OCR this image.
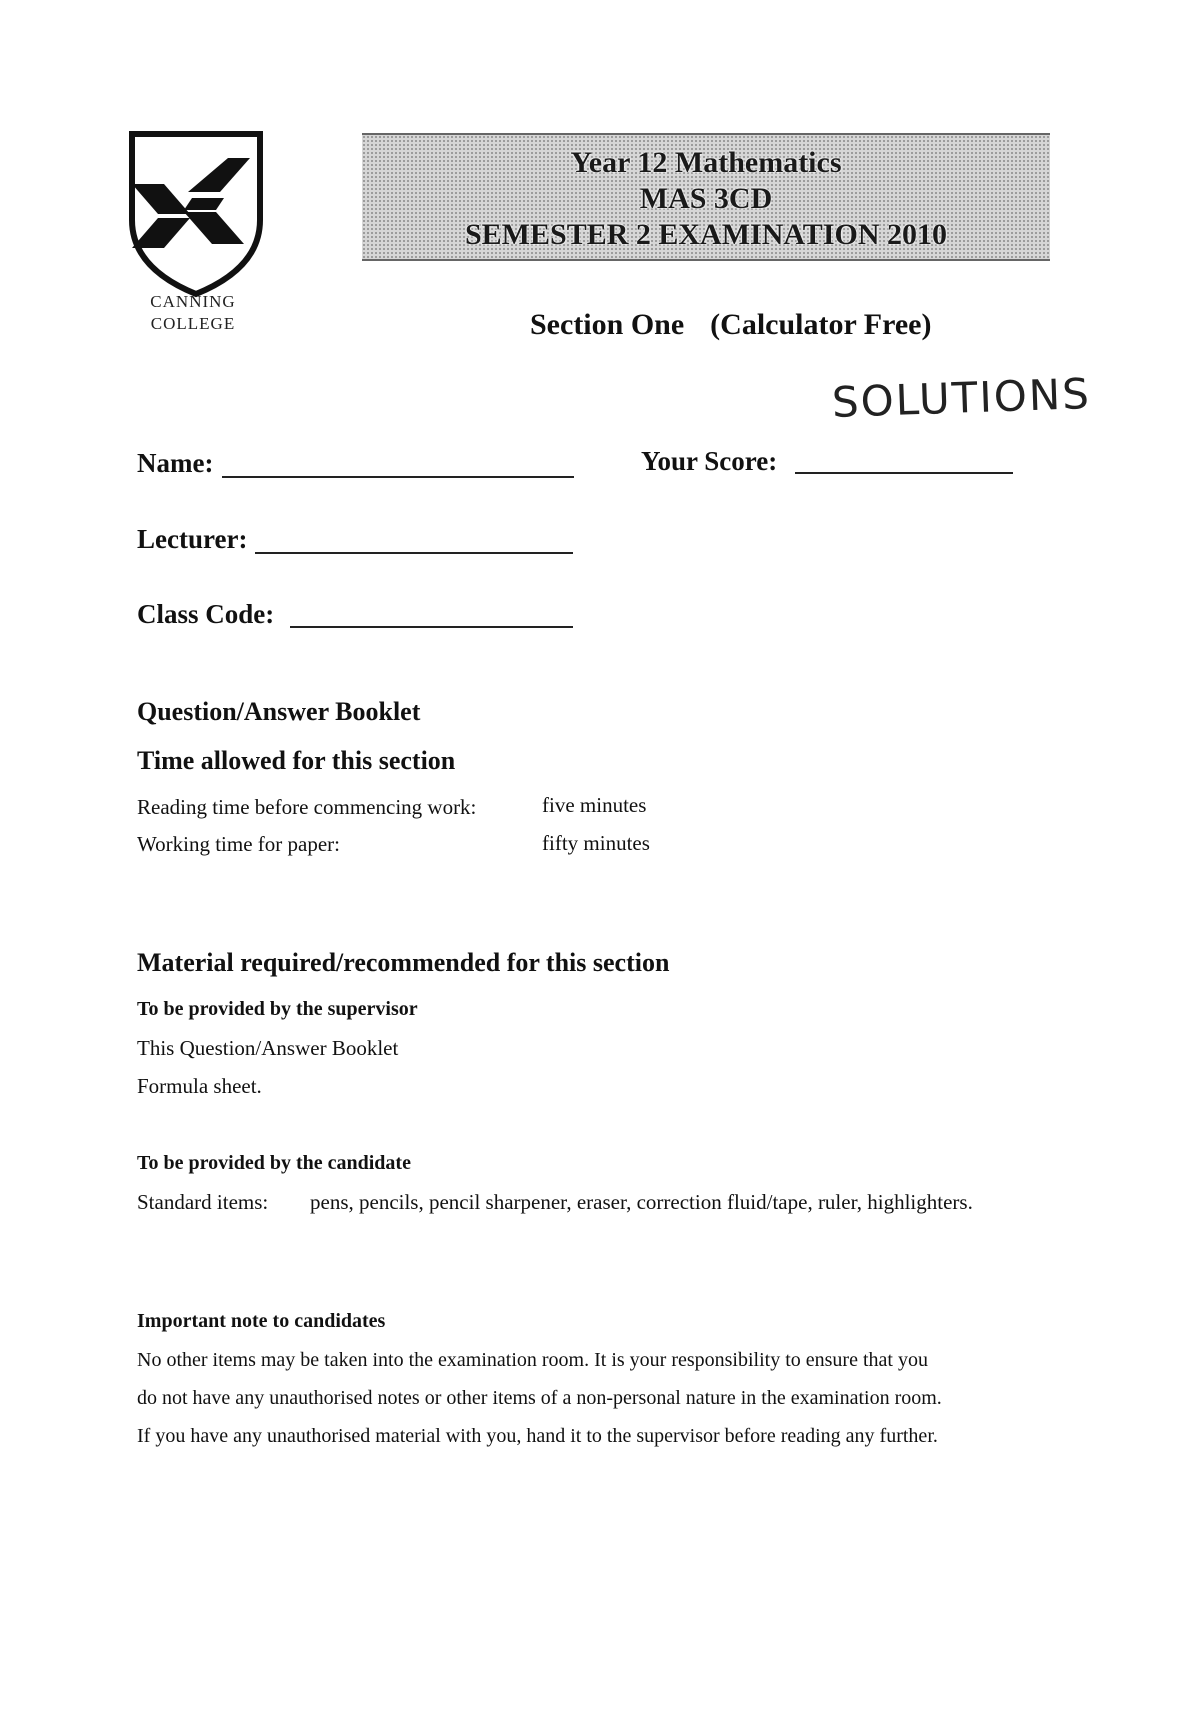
CANNING
COLLEGE
Year 12 Mathematics
MAS 3CD
SEMESTER 2 EXAMINATION 2010
Section One (Calculator Free)
SOLUTIONS
Name:	Your Score:
Lecturer:
Class Code:
Question/Answer Booklet
Time allowed for this section
Reading time before commencing work:	five minutes
Working time for paper:	fifty minutes
Material required/recommended for this section
To be provided by the supervisor
This Question/Answer Booklet
Formula sheet.
To be provided by the candidate
Standard items: pens, pencils, pencil sharpener, eraser, correction fluid/tape, ruler, highlighters.
Important note to candidates
No other items may be taken into the examination room. It is your responsibility to ensure that you
do not have any unauthorised notes or other items of a non-personal nature in the examination room.
If you have any unauthorised material with you, hand it to the supervisor before reading any further.
